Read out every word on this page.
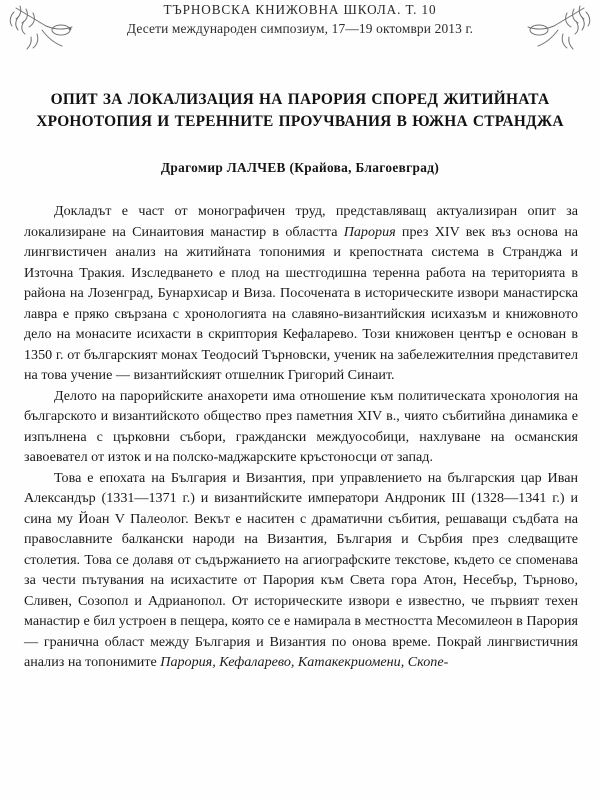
ТЪРНОВСКА КНИЖОВНА ШКОЛА. Т. 10
Десети международен симпозиум, 17—19 октомври 2013 г.
ОПИТ ЗА ЛОКАЛИЗАЦИЯ НА ПАРОРИЯ СПОРЕД ЖИТИЙНАТА ХРОНОТОПИЯ И ТЕРЕННИТЕ ПРОУЧВАНИЯ В ЮЖНА СТРАНДЖА
Драгомир ЛАЛЧЕВ (Крайова, Благоевград)

Докладът е част от монографичен труд, представляващ актуализиран опит за локализиране на Синаитовия манастир в областта Парория през XIV век въз основа на лингвистичен анализ на житийната топонимия и крепостната система в Странджа и Източна Тракия. Изследването е плод на шестгодишна теренна работа на територията в района на Лозенград, Бунархисар и Виза. Посочената в историческите извори манастирска лавра е пряко свързана с хронологията на славяно-византийския исихазъм и книжовното дело на монасите исихасти в скриптория Кефаларево. Този книжовен център е основан в 1350 г. от българският монах Теодосий Търновски, ученик на забележителния представител на това учение — византийският отшелник Григорий Синаит.

Делото на парорийските анахорети има отношение към политическата хронология на българското и византийското общество през паметния XIV в., чиято събитийна динамика е изпълнена с църковни събори, граждански междуособици, нахлуване на османския завоевател от изток и на полско-маджарските кръстоносци от запад.

Това е епохата на България и Византия, при управлението на българския цар Иван Александър (1331—1371 г.) и византийските императори Андроник III (1328—1341 г.) и сина му Йоан V Палеолог. Векът е наситен с драматични събития, решаващи съдбата на православните балкански народи на Византия, България и Сърбия през следващите столетия. Това се долавя от съдържанието на агиографските текстове, където се споменава за чести пътувания на исихастите от Парория към Света гора Атон, Несебър, Търново, Сливен, Созопол и Адрианопол. От историческите извори е известно, че първият техен манастир е бил устроен в пещера, която се е намирала в местността Месомилеон в Парория — гранична област между България и Византия по онова време. Покрай лингвистичния анализ на топонимите Парория, Кефаларево, Катакекриомени, Скопе-
